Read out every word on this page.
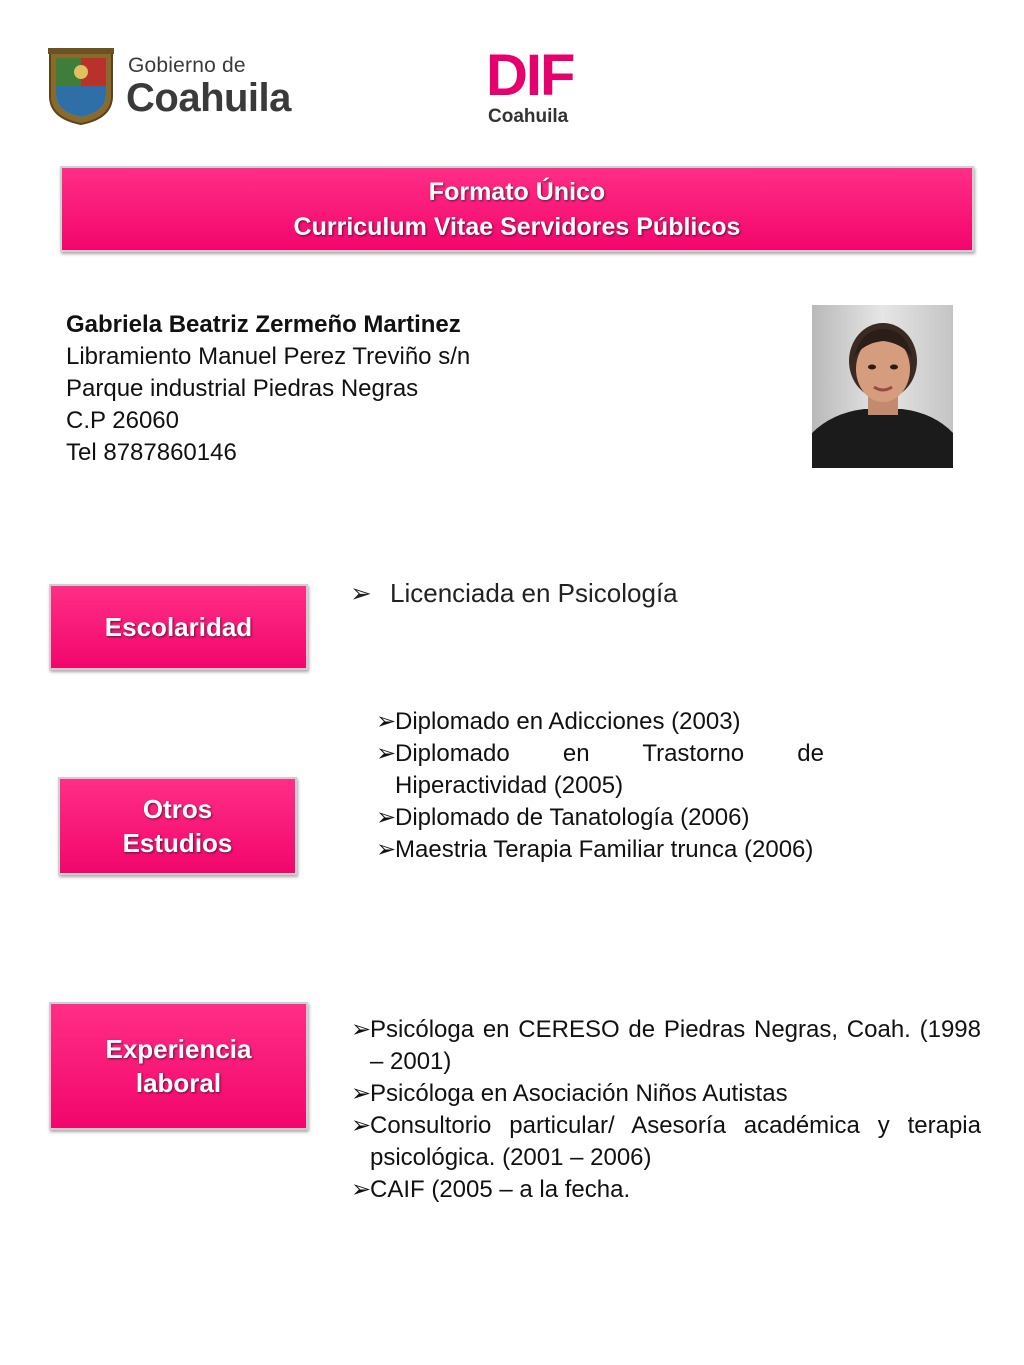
Gobierno de
Coahuila	DIF
Coahuila
Formato Único
Curriculum Vitae Servidores Públicos
Gabriela Beatriz Zermeño Martinez
Libramiento Manuel Perez Treviño s/n
Parque industrial Piedras Negras
C.P 26060
Tel 8787860146
Escolaridad
➢ Licenciada en Psicología
Otros
Estudios
➢
Diplomado en Adicciones (2003)
➢
Diplomado en Trastorno de Hiperactividad (2005)
➢
Diplomado de Tanatología (2006)
➢
Maestria Terapia Familiar trunca (2006)
Experiencia
laboral
➢
Psicóloga en CERESO de Piedras Negras, Coah. (1998 – 2001)
➢
Psicóloga en Asociación Niños Autistas
➢
Consultorio particular/ Asesoría académica y terapia psicológica. (2001 – 2006)
➢
CAIF (2005 – a la fecha.
